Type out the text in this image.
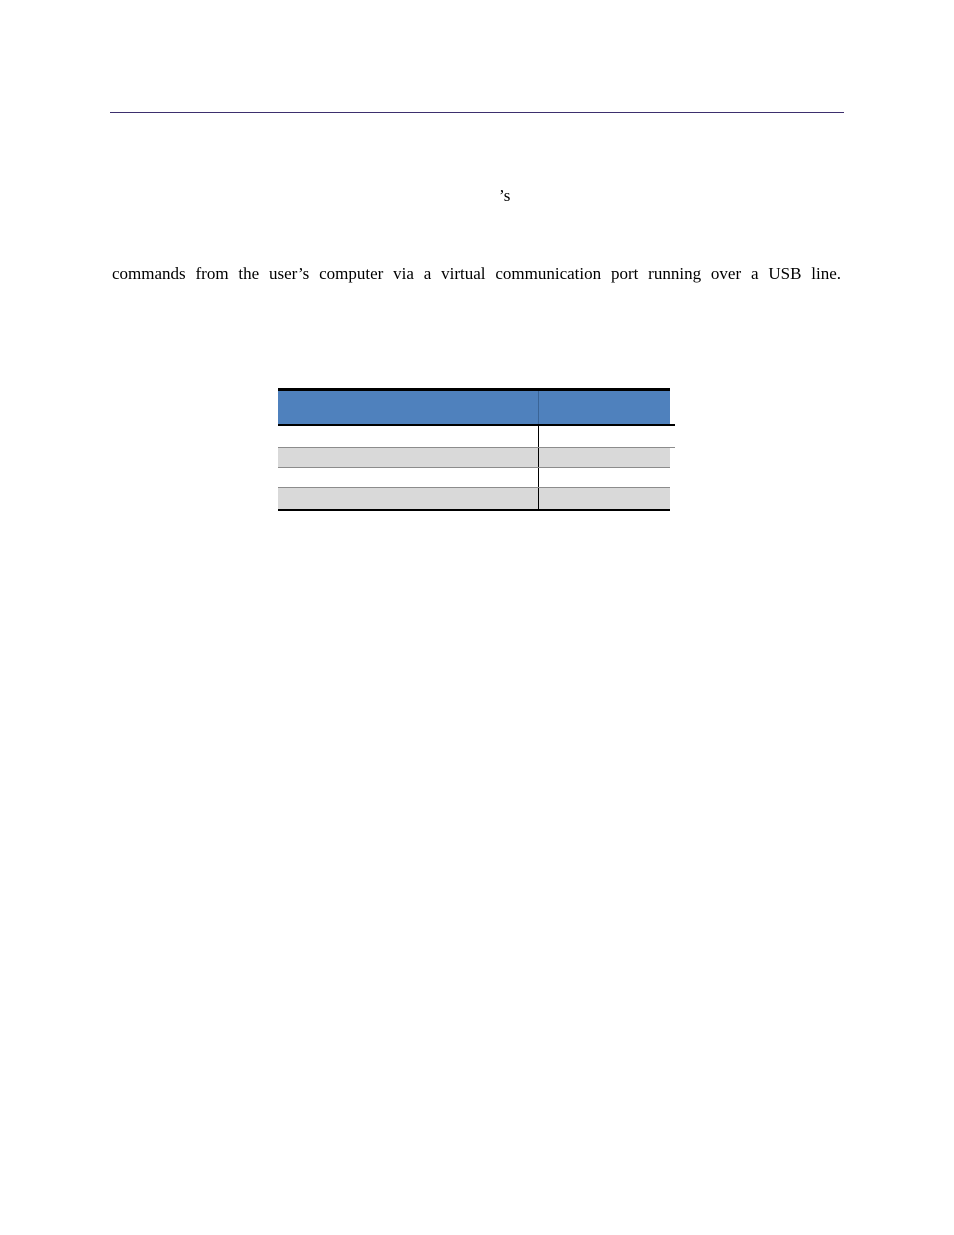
’s
commands from the user’s computer via a virtual communication port running over a USB line.
